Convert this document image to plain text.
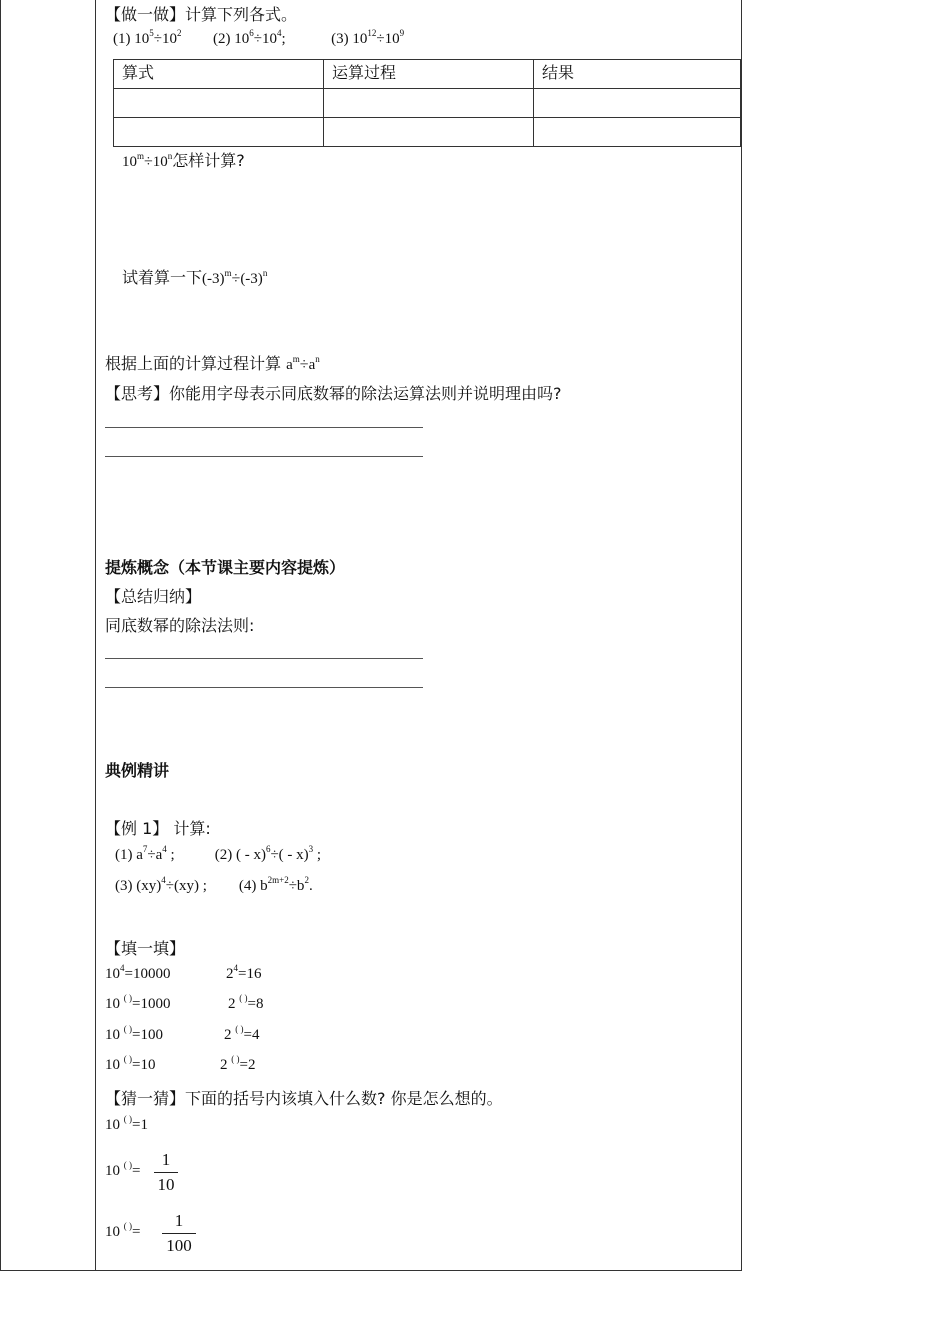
【做一做】计算下列各式。
(1) $10^5\div 10^2$ (2) $10^6\div 10^4$;	(3) $10^{12}\div 10^9$
算式	运算过程	结果

$10^m\div 10^n$怎样计算?
试着算一下$(-3)^m\div(-3)^n$
根据上面的计算过程计算 $a^m\div a^n$
【思考】你能用字母表示同底数幂的除法运算法则并说明理由吗?
提炼概念（本节课主要内容提炼）
【总结归纳】
同底数幂的除法法则:
典例精讲
【例 1】 计算:
(1) $a^7\div a^4$ ;	(2) ( - x)$^6$÷( - x)$^3$ ;
(3) (xy)$^4$÷(xy) ; (4) $b^{2m+2}\div b^2$.
【填一填】
$10^4=10000$	$2^4=16$
10 ( )=1000	2 ( )=8
10 ( )=100	2 ( )=4
10 ( )=10	2 ( )=2
【猜一猜】下面的括号内该填入什么数? 你是怎么想的。
10 ( )=1
10 ( )=
1
10
10 ( )=
1
100
